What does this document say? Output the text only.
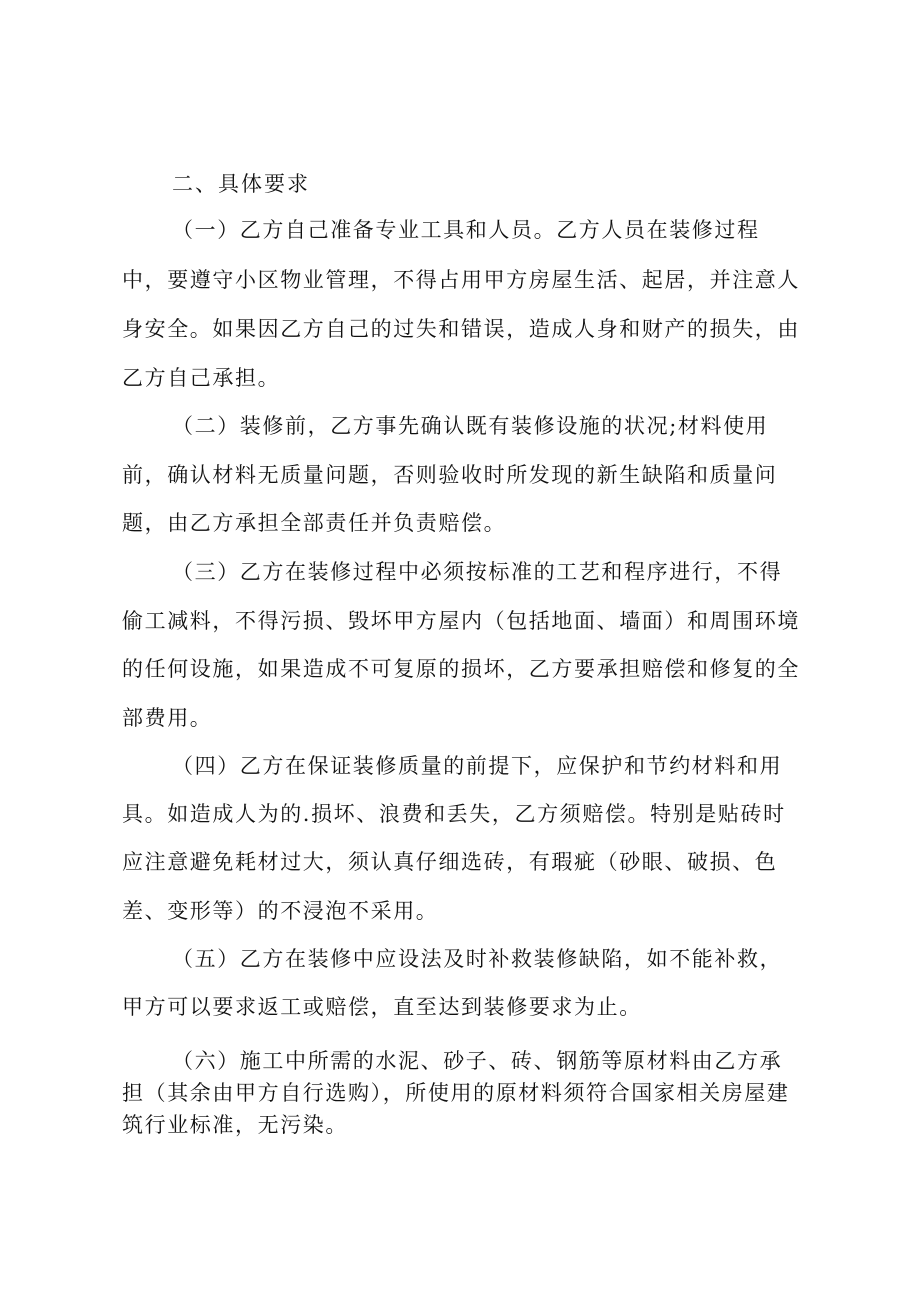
二、具体要求
（一）乙方自己准备专业工具和人员。乙方人员在装修过程
中，要遵守小区物业管理，不得占用甲方房屋生活、起居，并注意人
身安全。如果因乙方自己的过失和错误，造成人身和财产的损失，由
乙方自己承担。
（二）装修前，乙方事先确认既有装修设施的状况;材料使用
前，确认材料无质量问题，否则验收时所发现的新生缺陷和质量问
题，由乙方承担全部责任并负责赔偿。
（三）乙方在装修过程中必须按标准的工艺和程序进行，不得
偷工减料，不得污损、毁坏甲方屋内（包括地面、墙面）和周围环境
的任何设施，如果造成不可复原的损坏，乙方要承担赔偿和修复的全
部费用。
（四）乙方在保证装修质量的前提下，应保护和节约材料和用
具。如造成人为的.损坏、浪费和丢失，乙方须赔偿。特别是贴砖时
应注意避免耗材过大，须认真仔细选砖，有瑕疵（砂眼、破损、色
差、变形等）的不浸泡不采用。
（五）乙方在装修中应设法及时补救装修缺陷，如不能补救，
甲方可以要求返工或赔偿，直至达到装修要求为止。
（六）施工中所需的水泥、砂子、砖、钢筋等原材料由乙方承
担（其余由甲方自行选购），所使用的原材料须符合国家相关房屋建
筑行业标准，无污染。
